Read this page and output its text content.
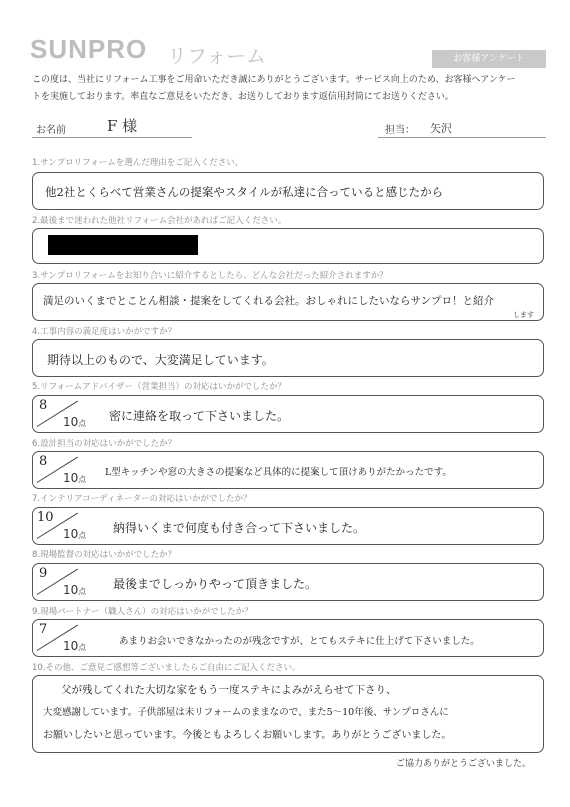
SUNPRO リフォーム	お客様アンケート
この度は、当社にリフォーム工事をご用命いただき誠にありがとうございます。サービス向上のため、お客様へアンケー
トを実施しております。率直なご意見をいただき、お送りしております返信用封筒にてお送りください。
お名前	F 様	担当： 矢沢
1.サンプロリフォームを選んだ理由をご記入ください。
他2社とくらべて営業さんの提案やスタイルが私達に合っていると感じたから
2.最後まで迷われた他社リフォーム会社があればご記入ください。
3.サンプロリフォームをお知り合いに紹介するとしたら、どんな会社だった紹介されますか？
満足のいくまでとことん相談・提案をしてくれる会社。おしゃれにしたいならサンプロ！と紹介
します
4.工事内容の満足度はいかがですか？
期待以上のもので、大変満足しています。
5.リフォームアドバイザー（営業担当）の対応はいかがでしたか？
8
10点
密に連絡を取って下さいました。
6.設計担当の対応はいかがでしたか？
8
10点
L型キッチンや窓の大きさの提案など具体的に提案して頂けありがたかったです。
7.インテリアコーディネーターの対応はいかがでしたか？
10
10点
納得いくまで何度も付き合って下さいました。
8.現場監督の対応はいかがでしたか？
9
10点
最後までしっかりやって頂きました。
9.現場パートナー（職人さん）の対応はいかがでしたか？
7
10点
あまりお会いできなかったのが残念ですが、とてもステキに仕上げて下さいました。
10.その他、ご意見ご感想等ございましたらご自由にご記入ください。
父が残してくれた大切な家をもう一度ステキによみがえらせて下さり、
大変感謝しています。子供部屋は未リフォームのままなので、また5〜10年後、サンプロさんに
お願いしたいと思っています。今後ともよろしくお願いします。ありがとうございました。
ご協力ありがとうございました。
